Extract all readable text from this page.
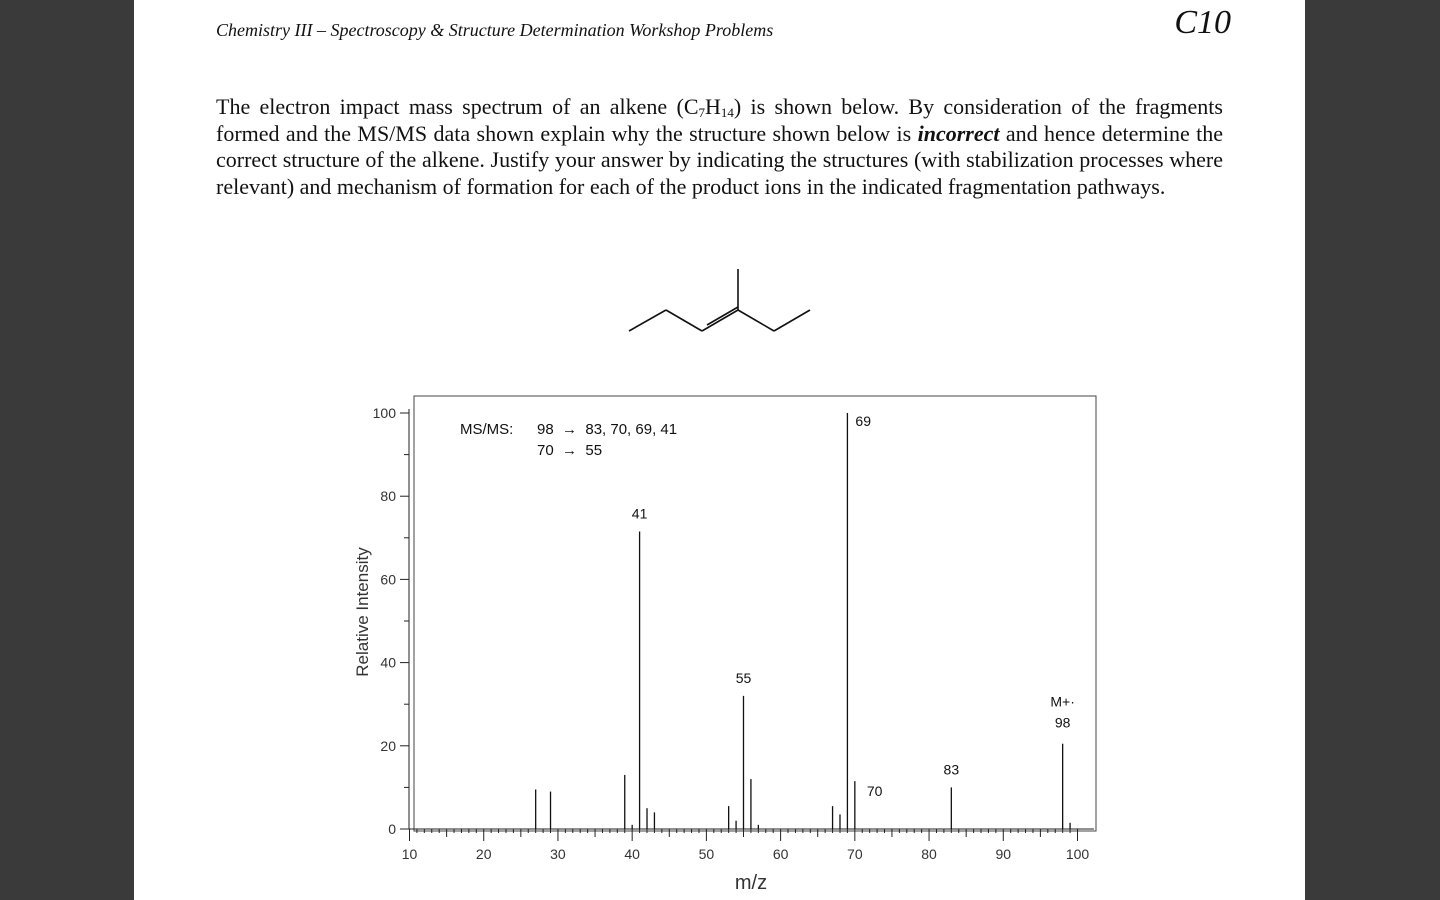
Chemistry III – Spectroscopy & Structure Determination Workshop Problems	C10
The electron impact mass spectrum of an alkene $(C_7H_{14})$ is shown below. By consideration of the fragments formed and the MS/MS data shown explain why the structure shown below is incorrect and hence determine the correct structure of the alkene. Justify your answer by indicating the structures (with stabilization processes where relevant) and mechanism of formation for each of the product ions in the indicated fragmentation pathways.
0
20
40
60
80
100
10	20	30	40	50	60	70	80	90	100
41
55
69
70
83
98
M+·
Relative Intensity
m/z
MS/MS: 98  →  83, 70, 69, 41
70  →  55
